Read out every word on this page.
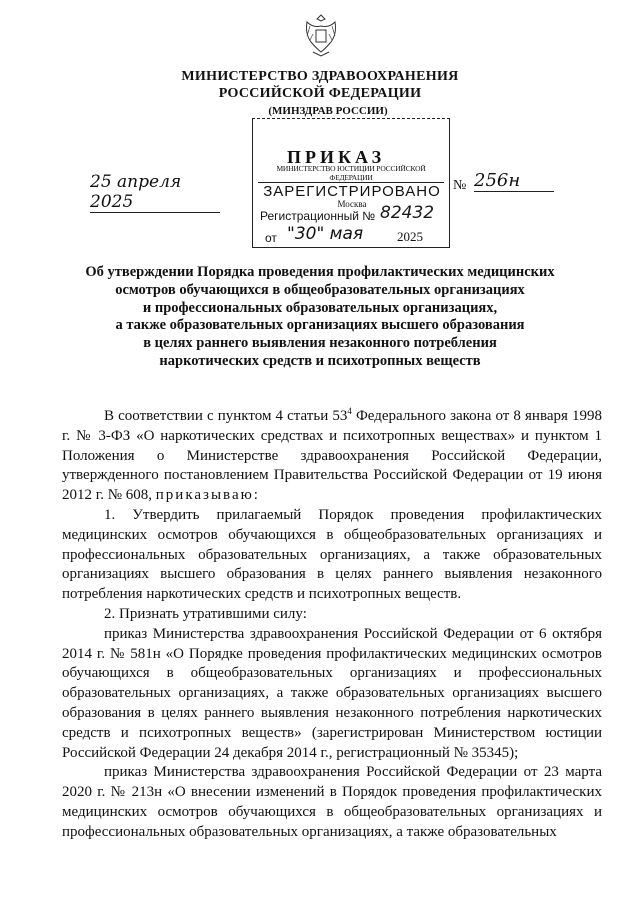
МИНИСТЕРСТВО ЗДРАВООХРАНЕНИЯ
РОССИЙСКОЙ ФЕДЕРАЦИИ
(МИНЗДРАВ РОССИИ)
ПРИКАЗ
МИНИСТЕРСТВО ЮСТИЦИИ РОССИЙСКОЙ ФЕДЕРАЦИИ
ЗАРЕГИСТРИРОВАНО
Москва
Регистрационный № 82432
от "30" мая	2025
25 апреля 2025
№ 256н
Об утверждении Порядка проведения профилактических медицинских
осмотров обучающихся в общеобразовательных организациях
и профессиональных образовательных организациях,
а также образовательных организациях высшего образования
в целях раннего выявления незаконного потребления
наркотических средств и психотропных веществ

В соответствии с пунктом 4 статьи $53^4$ Федерального закона от 8 января 1998 г. № 3-ФЗ «О наркотических средствах и психотропных веществах» и пунктом 1 Положения о Министерстве здравоохранения Российской Федерации, утвержденного постановлением Правительства Российской Федерации от 19 июня 2012 г. № 608, приказываю:

1. Утвердить прилагаемый Порядок проведения профилактических медицинских осмотров обучающихся в общеобразовательных организациях и профессиональных образовательных организациях, а также образовательных организациях высшего образования в целях раннего выявления незаконного потребления наркотических средств и психотропных веществ.

2. Признать утратившими силу:

приказ Министерства здравоохранения Российской Федерации от 6 октября 2014 г. № 581н «О Порядке проведения профилактических медицинских осмотров обучающихся в общеобразовательных организациях и профессиональных образовательных организациях, а также образовательных организациях высшего образования в целях раннего выявления незаконного потребления наркотических средств и психотропных веществ» (зарегистрирован Министерством юстиции Российской Федерации 24 декабря 2014 г., регистрационный № 35345);

приказ Министерства здравоохранения Российской Федерации от 23 марта 2020 г. № 213н «О внесении изменений в Порядок проведения профилактических медицинских осмотров обучающихся в общеобразовательных организациях и профессиональных образовательных организациях, а также образовательных
